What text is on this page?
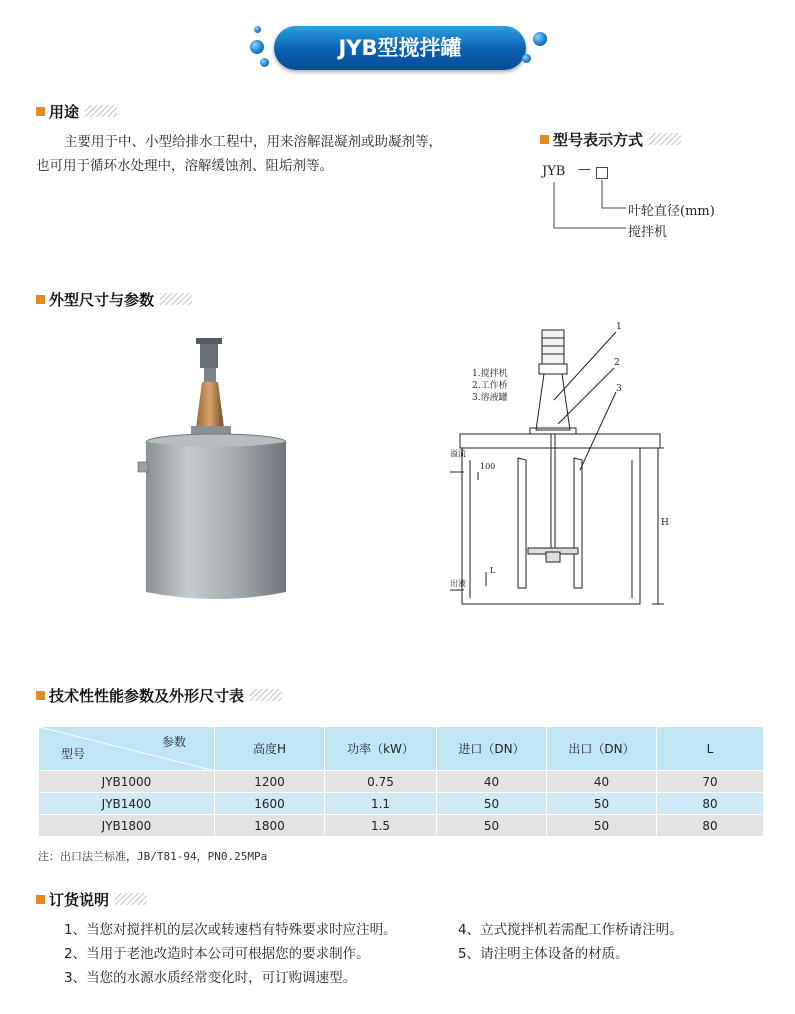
JYB型搅拌罐
用途
主要用于中、小型给排水工程中，用来溶解混凝剂或助凝剂等，
也可用于循环水处理中，溶解缓蚀剂、阻垢剂等。
型号表示方式
JYB —
叶轮直径(mm)
搅拌机
外型尺寸与参数
1.搅拌机
2.工作桥
3.溶液罐
1
2
3
溢流
100
出液
L
H
技术性性能参数及外形尺寸表
参数
型号	高度H	功率（kW）	进口（DN）	出口（DN）	L
JYB1000	1200	0.75	40	40	70
JYB1400	1600	1.1	50	50	80
JYB1800	1800	1.5	50	50	80
注：出口法兰标准，JB/T81-94，PN0.25MPa
订货说明
1、当您对搅拌机的层次或转速档有特殊要求时应注明。
2、当用于老池改造时本公司可根据您的要求制作。
3、当您的水源水质经常变化时，可订购调速型。
4、立式搅拌机若需配工作桥请注明。
5、请注明主体设备的材质。
